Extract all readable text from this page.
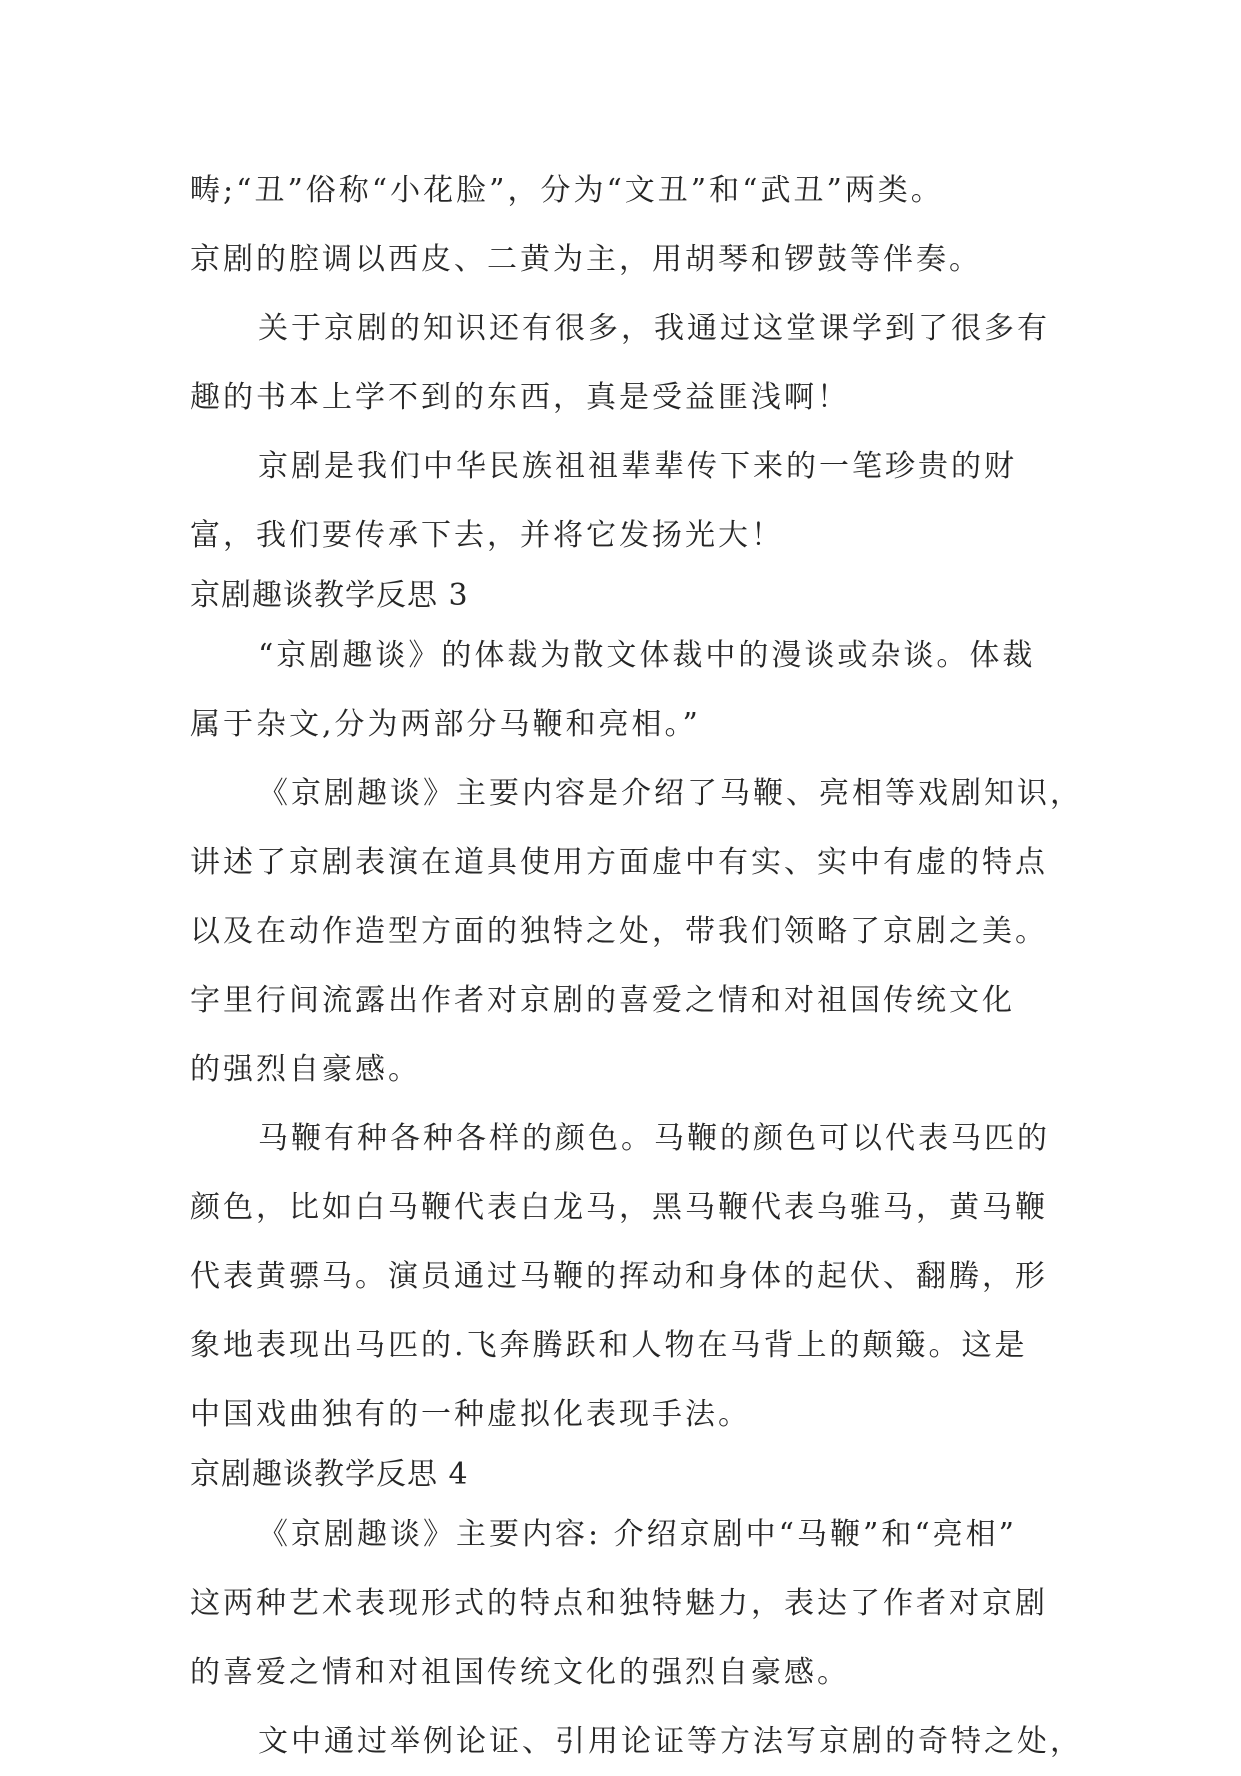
畴;“丑”俗称“小花脸”，分为“文丑”和“武丑”两类。
京剧的腔调以西皮、二黄为主，用胡琴和锣鼓等伴奏。
关于京剧的知识还有很多，我通过这堂课学到了很多有
趣的书本上学不到的东西，真是受益匪浅啊！
京剧是我们中华民族祖祖辈辈传下来的一笔珍贵的财
富，我们要传承下去，并将它发扬光大！
京剧趣谈教学反思 3
“京剧趣谈》的体裁为散文体裁中的漫谈或杂谈。体裁
属于杂文,分为两部分马鞭和亮相。”
《京剧趣谈》主要内容是介绍了马鞭、亮相等戏剧知识，
讲述了京剧表演在道具使用方面虚中有实、实中有虚的特点
以及在动作造型方面的独特之处，带我们领略了京剧之美。
字里行间流露出作者对京剧的喜爱之情和对祖国传统文化
的强烈自豪感。
马鞭有种各种各样的颜色。马鞭的颜色可以代表马匹的
颜色，比如白马鞭代表白龙马，黑马鞭代表乌骓马，黄马鞭
代表黄骠马。演员通过马鞭的挥动和身体的起伏、翻腾，形
象地表现出马匹的.飞奔腾跃和人物在马背上的颠簸。这是
中国戏曲独有的一种虚拟化表现手法。
京剧趣谈教学反思 4
《京剧趣谈》主要内容: 介绍京剧中“马鞭”和“亮相”
这两种艺术表现形式的特点和独特魅力，表达了作者对京剧
的喜爱之情和对祖国传统文化的强烈自豪感。
文中通过举例论证、引用论证等方法写京剧的奇特之处，
